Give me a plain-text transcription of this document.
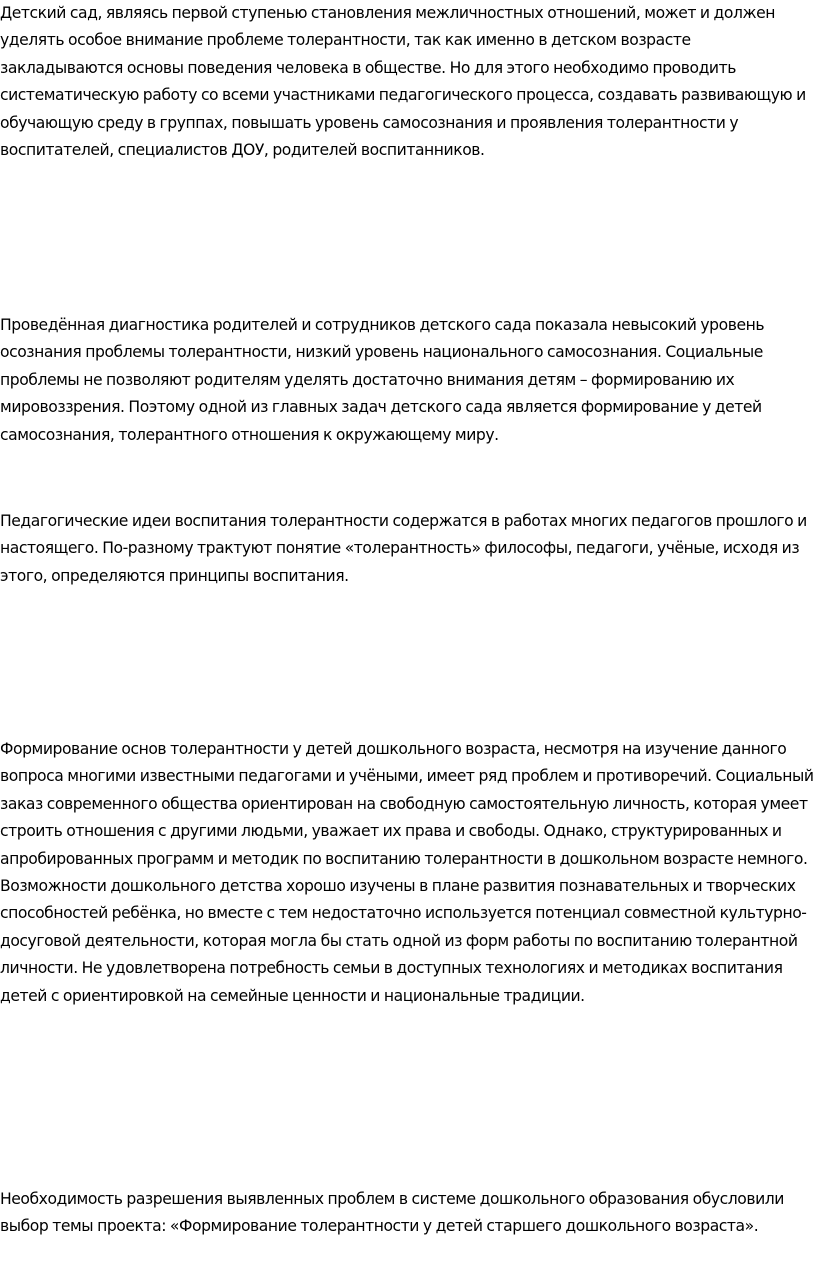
Детский сад, являясь первой ступенью становления межличностных отношений, может и должен уделять особое внимание проблеме толерантности, так как именно в детском возрасте закладываются основы поведения человека в обществе. Но для этого необходимо проводить систематическую работу со всеми участниками педагогического процесса, создавать развивающую и обучающую среду в группах, повышать уровень самосознания и проявления толерантности у воспитателей, специалистов ДОУ, родителей воспитанников.

Проведённая диагностика родителей и сотрудников детского сада показала невысокий уровень осознания проблемы толерантности, низкий уровень национального самосознания. Социальные проблемы не позволяют родителям уделять достаточно внимания детям – формированию их мировоззрения. Поэтому одной из главных задач детского сада является формирование у детей самосознания, толерантного отношения к окружающему миру.

Педагогические идеи воспитания толерантности содержатся в работах многих педагогов прошлого и настоящего. По-разному трактуют понятие «толерантность» философы, педагоги, учёные, исходя из этого, определяются принципы воспитания.

Формирование основ толерантности у детей дошкольного возраста, несмотря на изучение данного вопроса многими известными педагогами и учёными, имеет ряд проблем и противоречий. Социальный заказ современного общества ориентирован на свободную самостоятельную личность, которая умеет строить отношения с другими людьми, уважает их права и свободы. Однако, структурированных и апробированных программ и методик по воспитанию толерантности в дошкольном возрасте немного. Возможности дошкольного детства хорошо изучены в плане развития познавательных и творческих способностей ребёнка, но вместе с тем недостаточно используется потенциал совместной культурно-досуговой деятельности, которая могла бы стать одной из форм работы по воспитанию толерантной личности. Не удовлетворена потребность семьи в доступных технологиях и методиках воспитания детей с ориентировкой на семейные ценности и национальные традиции.

Необходимость разрешения выявленных проблем в системе дошкольного образования обусловили выбор темы проекта: «Формирование толерантности у детей старшего дошкольного возраста».
